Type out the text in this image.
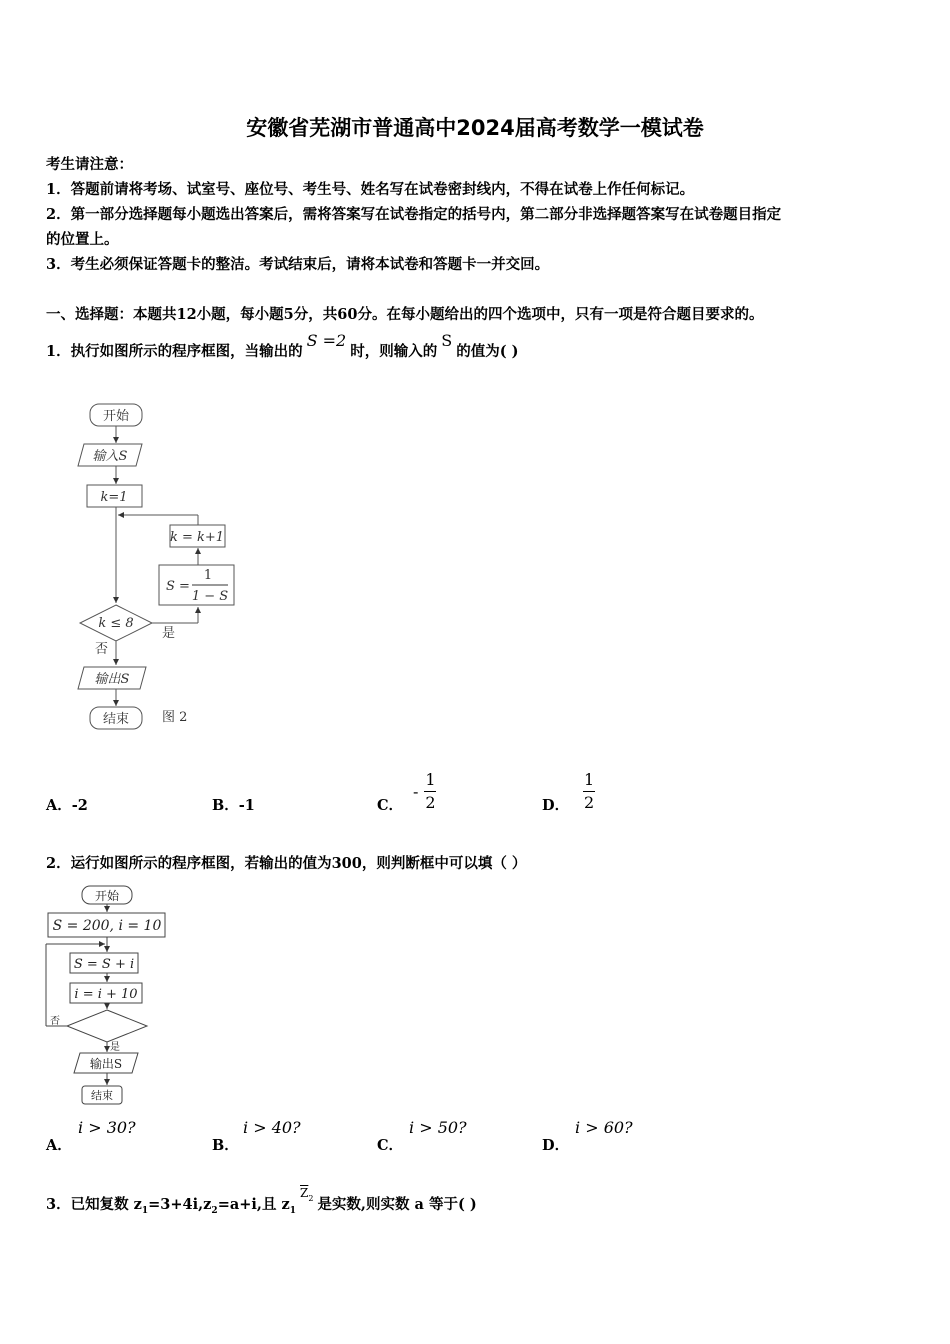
安徽省芜湖市普通高中2024届高考数学一模试卷
考生请注意：
1．答题前请将考场、试室号、座位号、考生号、姓名写在试卷密封线内，不得在试卷上作任何标记。
2．第一部分选择题每小题选出答案后，需将答案写在试卷指定的括号内，第二部分非选择题答案写在试卷题目指定
的位置上。
3．考生必须保证答题卡的整洁。考试结束后，请将本试卷和答题卡一并交回。
一、选择题：本题共12小题，每小题5分，共60分。在每小题给出的四个选项中，只有一项是符合题目要求的。
1．执行如图所示的程序框图，当输出的S =2时，则输入的S的值为( )
开始
输入S
k=1
k = k+1
S =
1
1 − S
k ≤ 8
是
否
输出S
结束	图 2
A．-2	B．-1	C．
- $\frac{1}{2}$	D． $\frac{1}{2}$
2．运行如图所示的程序框图，若输出的值为300，则判断框中可以填（ ）
开始
S = 200, i = 10
S = S + i
i = i + 10
否
是
输出S
结束
A．
i > 30?
B．
i > 40?
C．
i > 50?
D．
i > 60?
3．已知复数 $z_1=3+4i,z_2=a+i$,且 $z_1^{\overline{Z}2}$ 是实数,则实数 a 等于( )
